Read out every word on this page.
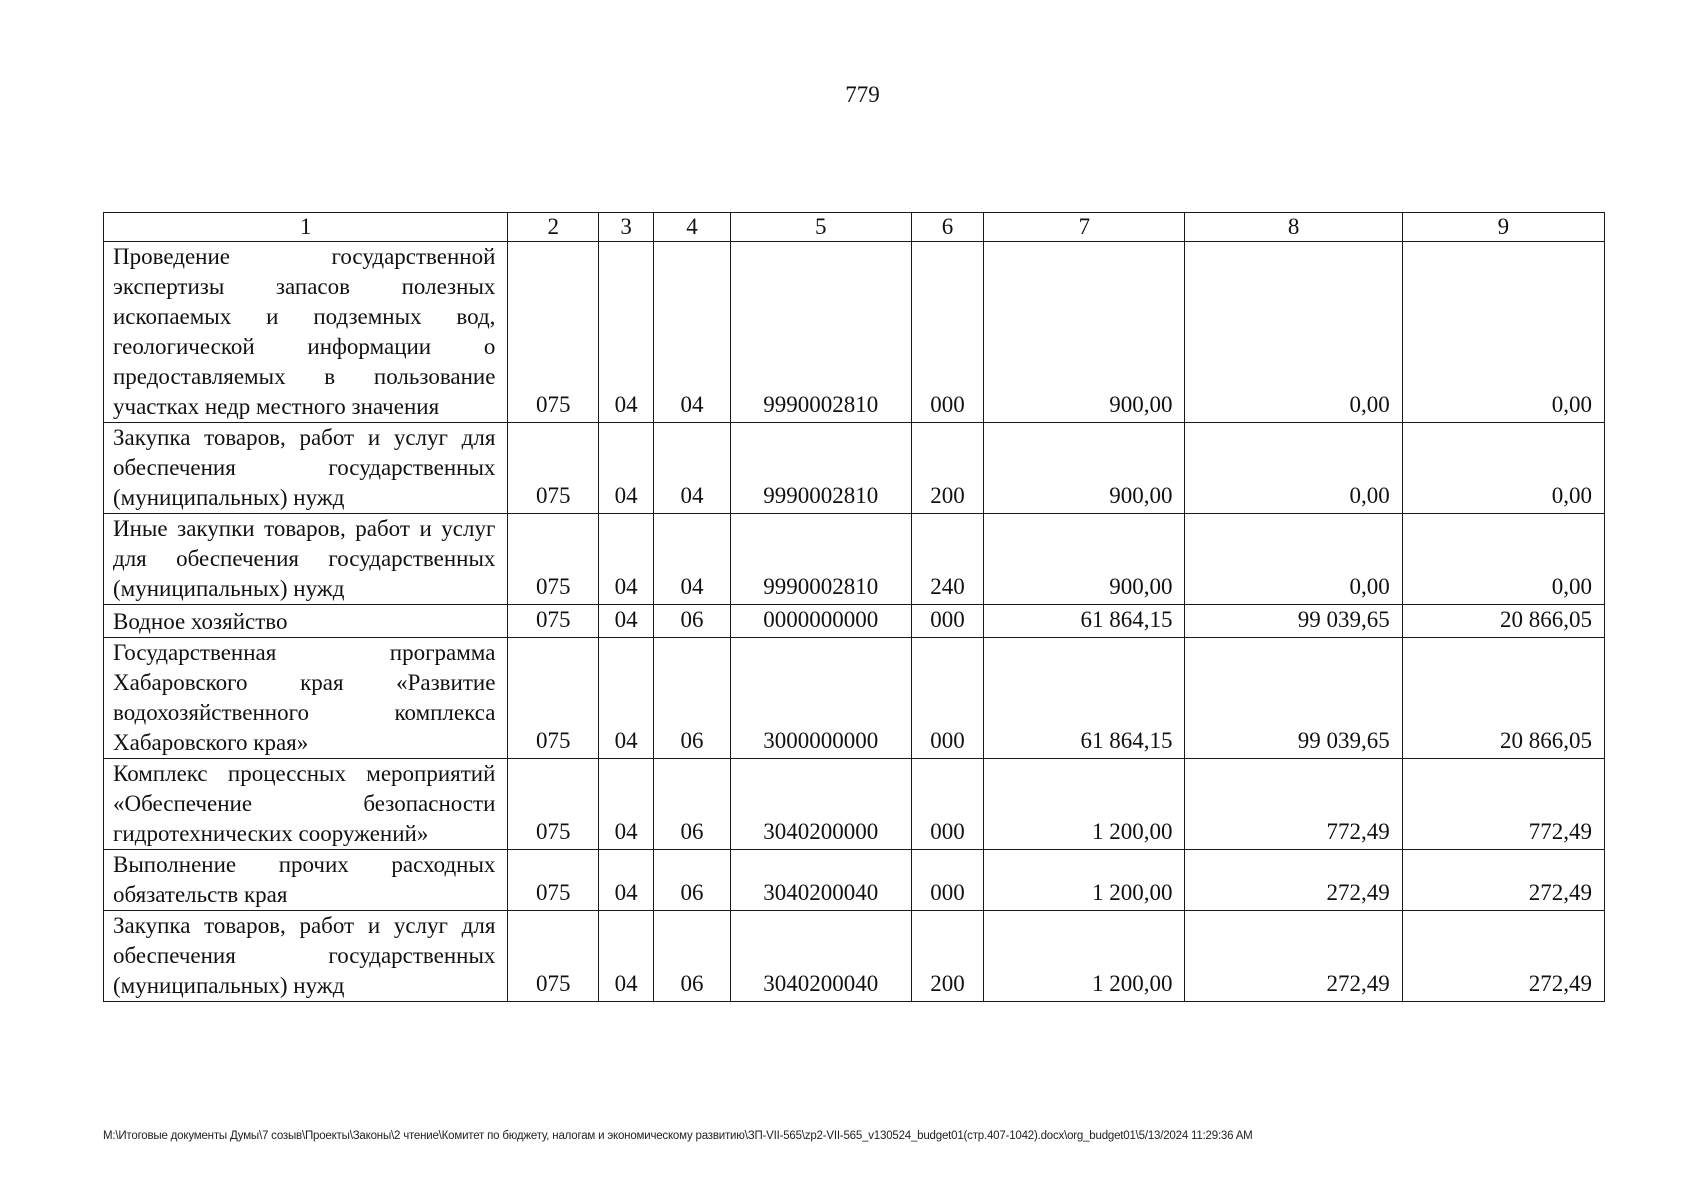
779
1	2	3	4	5	6	7	8	9
Проведение государственной экспертизы запасов полезных ископаемых и подземных вод, геологической информации о предоставляемых в пользование участках недр местного значения	075	04	04	9990002810	000	900,00	0,00	0,00
Закупка товаров, работ и услуг для обеспечения государственных (муниципальных) нужд	075	04	04	9990002810	200	900,00	0,00	0,00
Иные закупки товаров, работ и услуг для обеспечения государственных (муниципальных) нужд	075	04	04	9990002810	240	900,00	0,00	0,00
Водное хозяйство	075	04	06	0000000000	000	61 864,15	99 039,65	20 866,05
Государственная программа Хабаровского края «Развитие водохозяйственного комплекса Хабаровского края»	075	04	06	3000000000	000	61 864,15	99 039,65	20 866,05
Комплекс процессных мероприятий «Обеспечение безопасности гидротехнических сооружений»	075	04	06	3040200000	000	1 200,00	772,49	772,49
Выполнение прочих расходных обязательств края	075	04	06	3040200040	000	1 200,00	272,49	272,49
Закупка товаров, работ и услуг для обеспечения государственных (муниципальных) нужд	075	04	06	3040200040	200	1 200,00	272,49	272,49
M:\Итоговые документы Думы\7 созыв\Проекты\Законы\2 чтение\Комитет по бюджету, налогам и экономическому развитию\ЗП-VII-565\zp2-VII-565_v130524_budget01(стр.407-1042).docx\org_budget01\5/13/2024 11:29:36 AM
